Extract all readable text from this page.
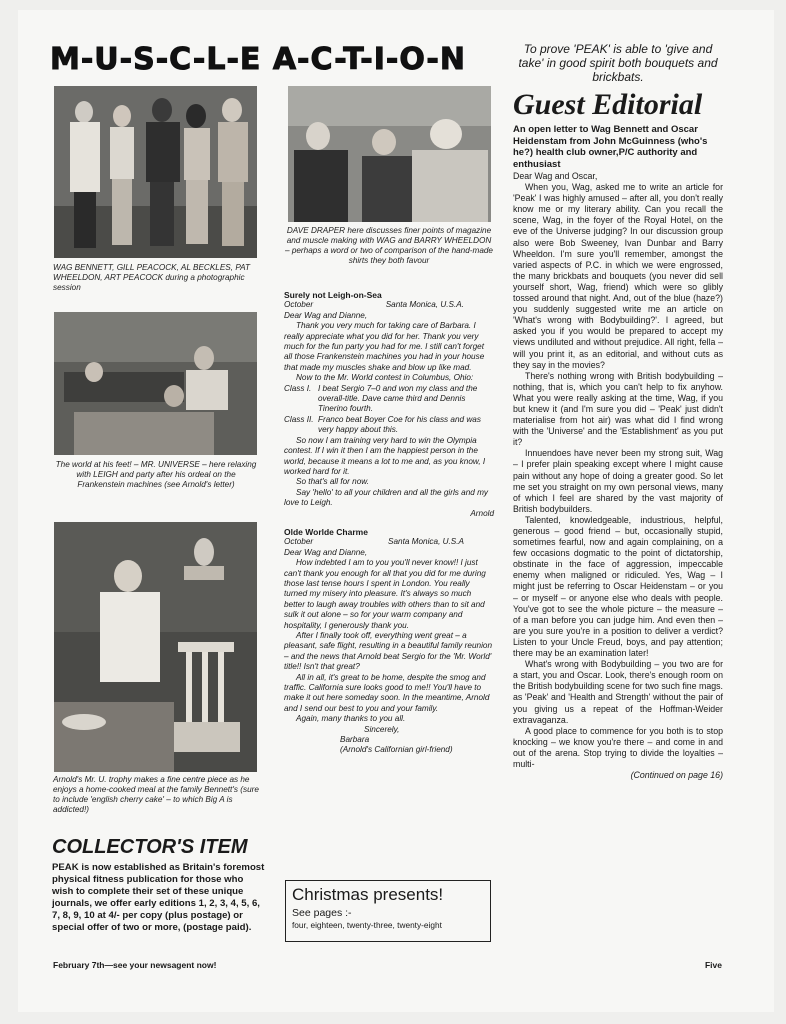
M-U-S-C-L-E A-C-T-I-O-N
WAG BENNETT, GILL PEACOCK, AL BECKLES, PAT WHEELDON, ART PEACOCK during a photographic session
DAVE DRAPER here discusses finer points of magazine and muscle making with WAG and BARRY WHEELDON – perhaps a word or two of comparison of the hand-made shirts they both favour
The world at his feet! – MR. UNIVERSE – here relaxing with LEIGH and party after his ordeal on the Frankenstein machines (see Arnold's letter)
Arnold's Mr. U. trophy makes a fine centre piece as he enjoys a home-cooked meal at the family Bennett's (sure to include 'english cherry cake' – to which Big A is addicted!)
COLLECTOR'S ITEM
PEAK is now established as Britain's foremost physical fitness publication for those who wish to complete their set of these unique journals, we offer early editions 1, 2, 3, 4, 5, 6, 7, 8, 9, 10 at 4/- per copy (plus postage) or special offer of two or more, (postage paid).

Surely not Leigh-on-Sea

October	Santa Monica, U.S.A.

Dear Wag and Dianne,

Thank you very much for taking care of Barbara. I really appreciate what you did for her. Thank you very much for the fun party you had for me. I still can't forget all those Frankenstein machines you had in your house that made my muscles shake and blow up like mad.

Now to the Mr. World contest in Columbus, Ohio:

Class I. I beat Sergio 7–0 and won my class and the overall-title. Dave came third and Dennis Tinerino fourth.
Class II. Franco beat Boyer Coe for his class and was very happy about this.

So now I am training very hard to win the Olympia contest. If I win it then I am the happiest person in the world, because it means a lot to me and, as you know, I worked hard for it.

So that's all for now.

Say 'hello' to all your children and all the girls and my love to Leigh.

Arnold

Olde Worlde Charme

October	Santa Monica, U.S.A

Dear Wag and Dianne,

How indebted I am to you you'll never know!! I just can't thank you enough for all that you did for me during those last tense hours I spent in London. You really turned my misery into pleasure. It's always so much better to laugh away troubles with others than to sit and sulk it out alone – so for your warm company and hospitality, I generously thank you.

After I finally took off, everything went great – a pleasant, safe flight, resulting in a beautiful family reunion – and the news that Arnold beat Sergio for the 'Mr. World' title!! Isn't that great?

All in all, it's great to be home, despite the smog and traffic. California sure looks good to me!! You'll have to make it out here someday soon. In the meantime, Arnold and I send our best to you and your family.

Again, many thanks to you all.

Sincerely,

Barbara

(Arnold's Californian girl-friend)

Christmas presents!
See pages :-
four, eighteen, twenty-three, twenty-eight
To prove 'PEAK' is able to 'give and take' in good spirit both bouquets and brickbats.
Guest Editorial
An open letter to Wag Bennett and Oscar Heidenstam from John McGuinness (who's he?) health club owner,P/C authority and enthusiast

Dear Wag and Oscar,

When you, Wag, asked me to write an article for 'Peak' I was highly amused – after all, you don't really know me or my literary ability. Can you recall the scene, Wag, in the foyer of the Royal Hotel, on the eve of the Universe judging? In our discussion group also were Bob Sweeney, Ivan Dunbar and Barry Wheeldon. I'm sure you'll remember, amongst the varied aspects of P.C. in which we were engrossed, the many brickbats and bouquets (you never did sell yourself short, Wag, friend) which were so glibly tossed around that night. And, out of the blue (haze?) you suddenly suggested write me an article on 'What's wrong with Bodybuilding?'. I agreed, but asked you if you would be prepared to accept my views undiluted and without prejudice. All right, fella – will you print it, as an editorial, and without cuts as they say in the movies?

There's nothing wrong with British bodybuilding – nothing, that is, which you can't help to fix anyhow. What you were really asking at the time, Wag, if you but knew it (and I'm sure you did – 'Peak' just didn't materialise from hot air) was what did I find wrong with the 'Universe' and the 'Establishment' as you put it?

Innuendoes have never been my strong suit, Wag – I prefer plain speaking except where I might cause pain without any hope of doing a greater good. So let me set you straight on my own personal views, many of which I feel are shared by the vast majority of British bodybuilders.

Talented, knowledgeable, industrious, helpful, generous – good friend – but, occasionally stupid, sometimes fearful, now and again complaining, on a few occasions dogmatic to the point of dictatorship, obstinate in the face of aggression, impeccable enemy when maligned or ridiculed. Yes, Wag – I might just be referring to Oscar Heidenstam – or you – or myself – or anyone else who deals with people. You've got to see the whole picture – the measure – of a man before you can judge him. And even then – are you sure you're in a position to deliver a verdict? Listen to your Uncle Freud, boys, and pay attention; there may be an examination later!

What's wrong with Bodybuilding – you two are for a start, you and Oscar. Look, there's enough room on the British bodybuilding scene for two such fine mags. as 'Peak' and 'Health and Strength' without the pair of you giving us a repeat of the Hoffman-Weider extravaganza.

A good place to commence for you both is to stop knocking – we know you're there – and come in and out of the arena. Stop trying to divide the loyalties – multi-

(Continued on page 16)
February 7th—see your newsagent now!	Five
